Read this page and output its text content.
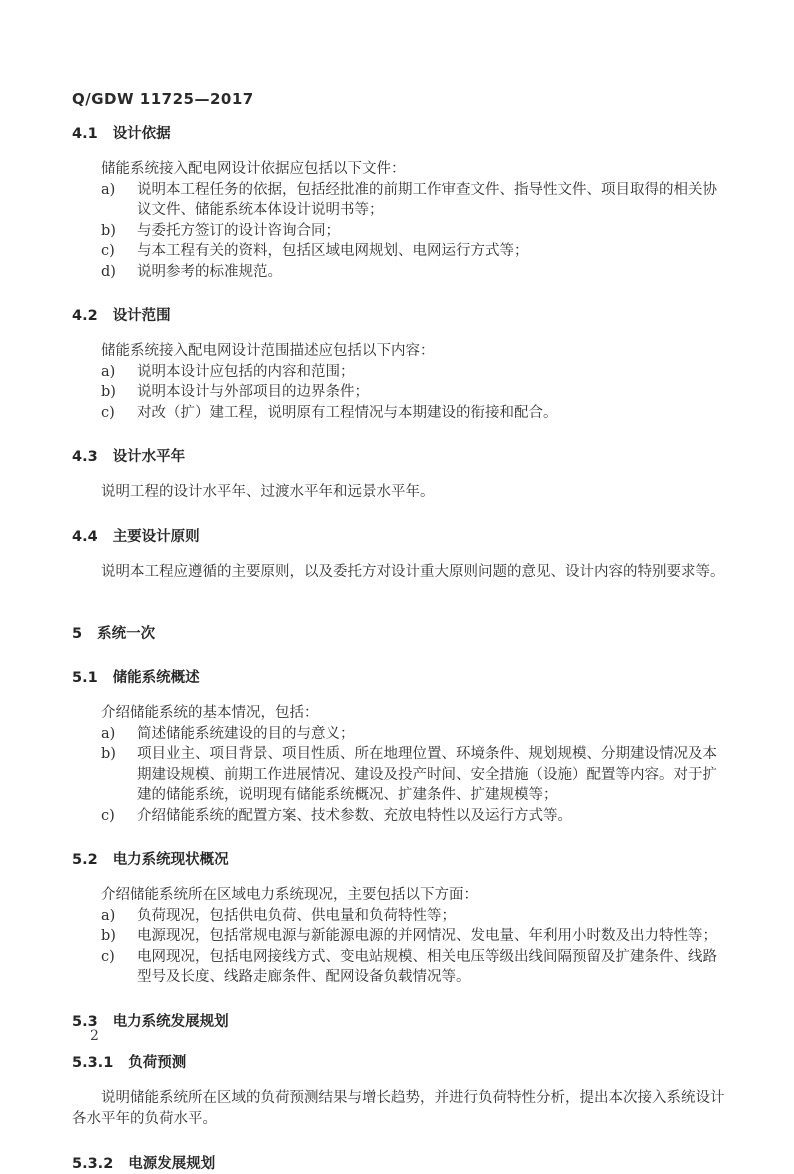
Q/GDW 11725—2017

4.1 设计依据

储能系统接入配电网设计依据应包括以下文件：

a)	说明本工程任务的依据，包括经批准的前期工作审查文件、指导性文件、项目取得的相关协议文件、储能系统本体设计说明书等；
b)	与委托方签订的设计咨询合同；
c)	与本工程有关的资料，包括区域电网规划、电网运行方式等；
d)	说明参考的标准规范。
4.2 设计范围

储能系统接入配电网设计范围描述应包括以下内容：

a)	说明本设计应包括的内容和范围；
b)	说明本设计与外部项目的边界条件；
c)	对改（扩）建工程，说明原有工程情况与本期建设的衔接和配合。
4.3 设计水平年

说明工程的设计水平年、过渡水平年和远景水平年。

4.4 主要设计原则

说明本工程应遵循的主要原则，以及委托方对设计重大原则问题的意见、设计内容的特别要求等。

5 系统一次
5.1 储能系统概述

介绍储能系统的基本情况，包括：

a)	简述储能系统建设的目的与意义；
b)	项目业主、项目背景、项目性质、所在地理位置、环境条件、规划规模、分期建设情况及本期建设规模、前期工作进展情况、建设及投产时间、安全措施（设施）配置等内容。对于扩建的储能系统，说明现有储能系统概况、扩建条件、扩建规模等；
c)	介绍储能系统的配置方案、技术参数、充放电特性以及运行方式等。
5.2 电力系统现状概况

介绍储能系统所在区域电力系统现况，主要包括以下方面：

a)	负荷现况，包括供电负荷、供电量和负荷特性等；
b)	电源现况，包括常规电源与新能源电源的并网情况、发电量、年利用小时数及出力特性等；
c)	电网现况，包括电网接线方式、变电站规模、相关电压等级出线间隔预留及扩建条件、线路型号及长度、线路走廊条件、配网设备负载情况等。
5.3 电力系统发展规划
5.3.1 负荷预测

说明储能系统所在区域的负荷预测结果与增长趋势，并进行负荷特性分析，提出本次接入系统设计各水平年的负荷水平。

5.3.2 电源发展规划
2
